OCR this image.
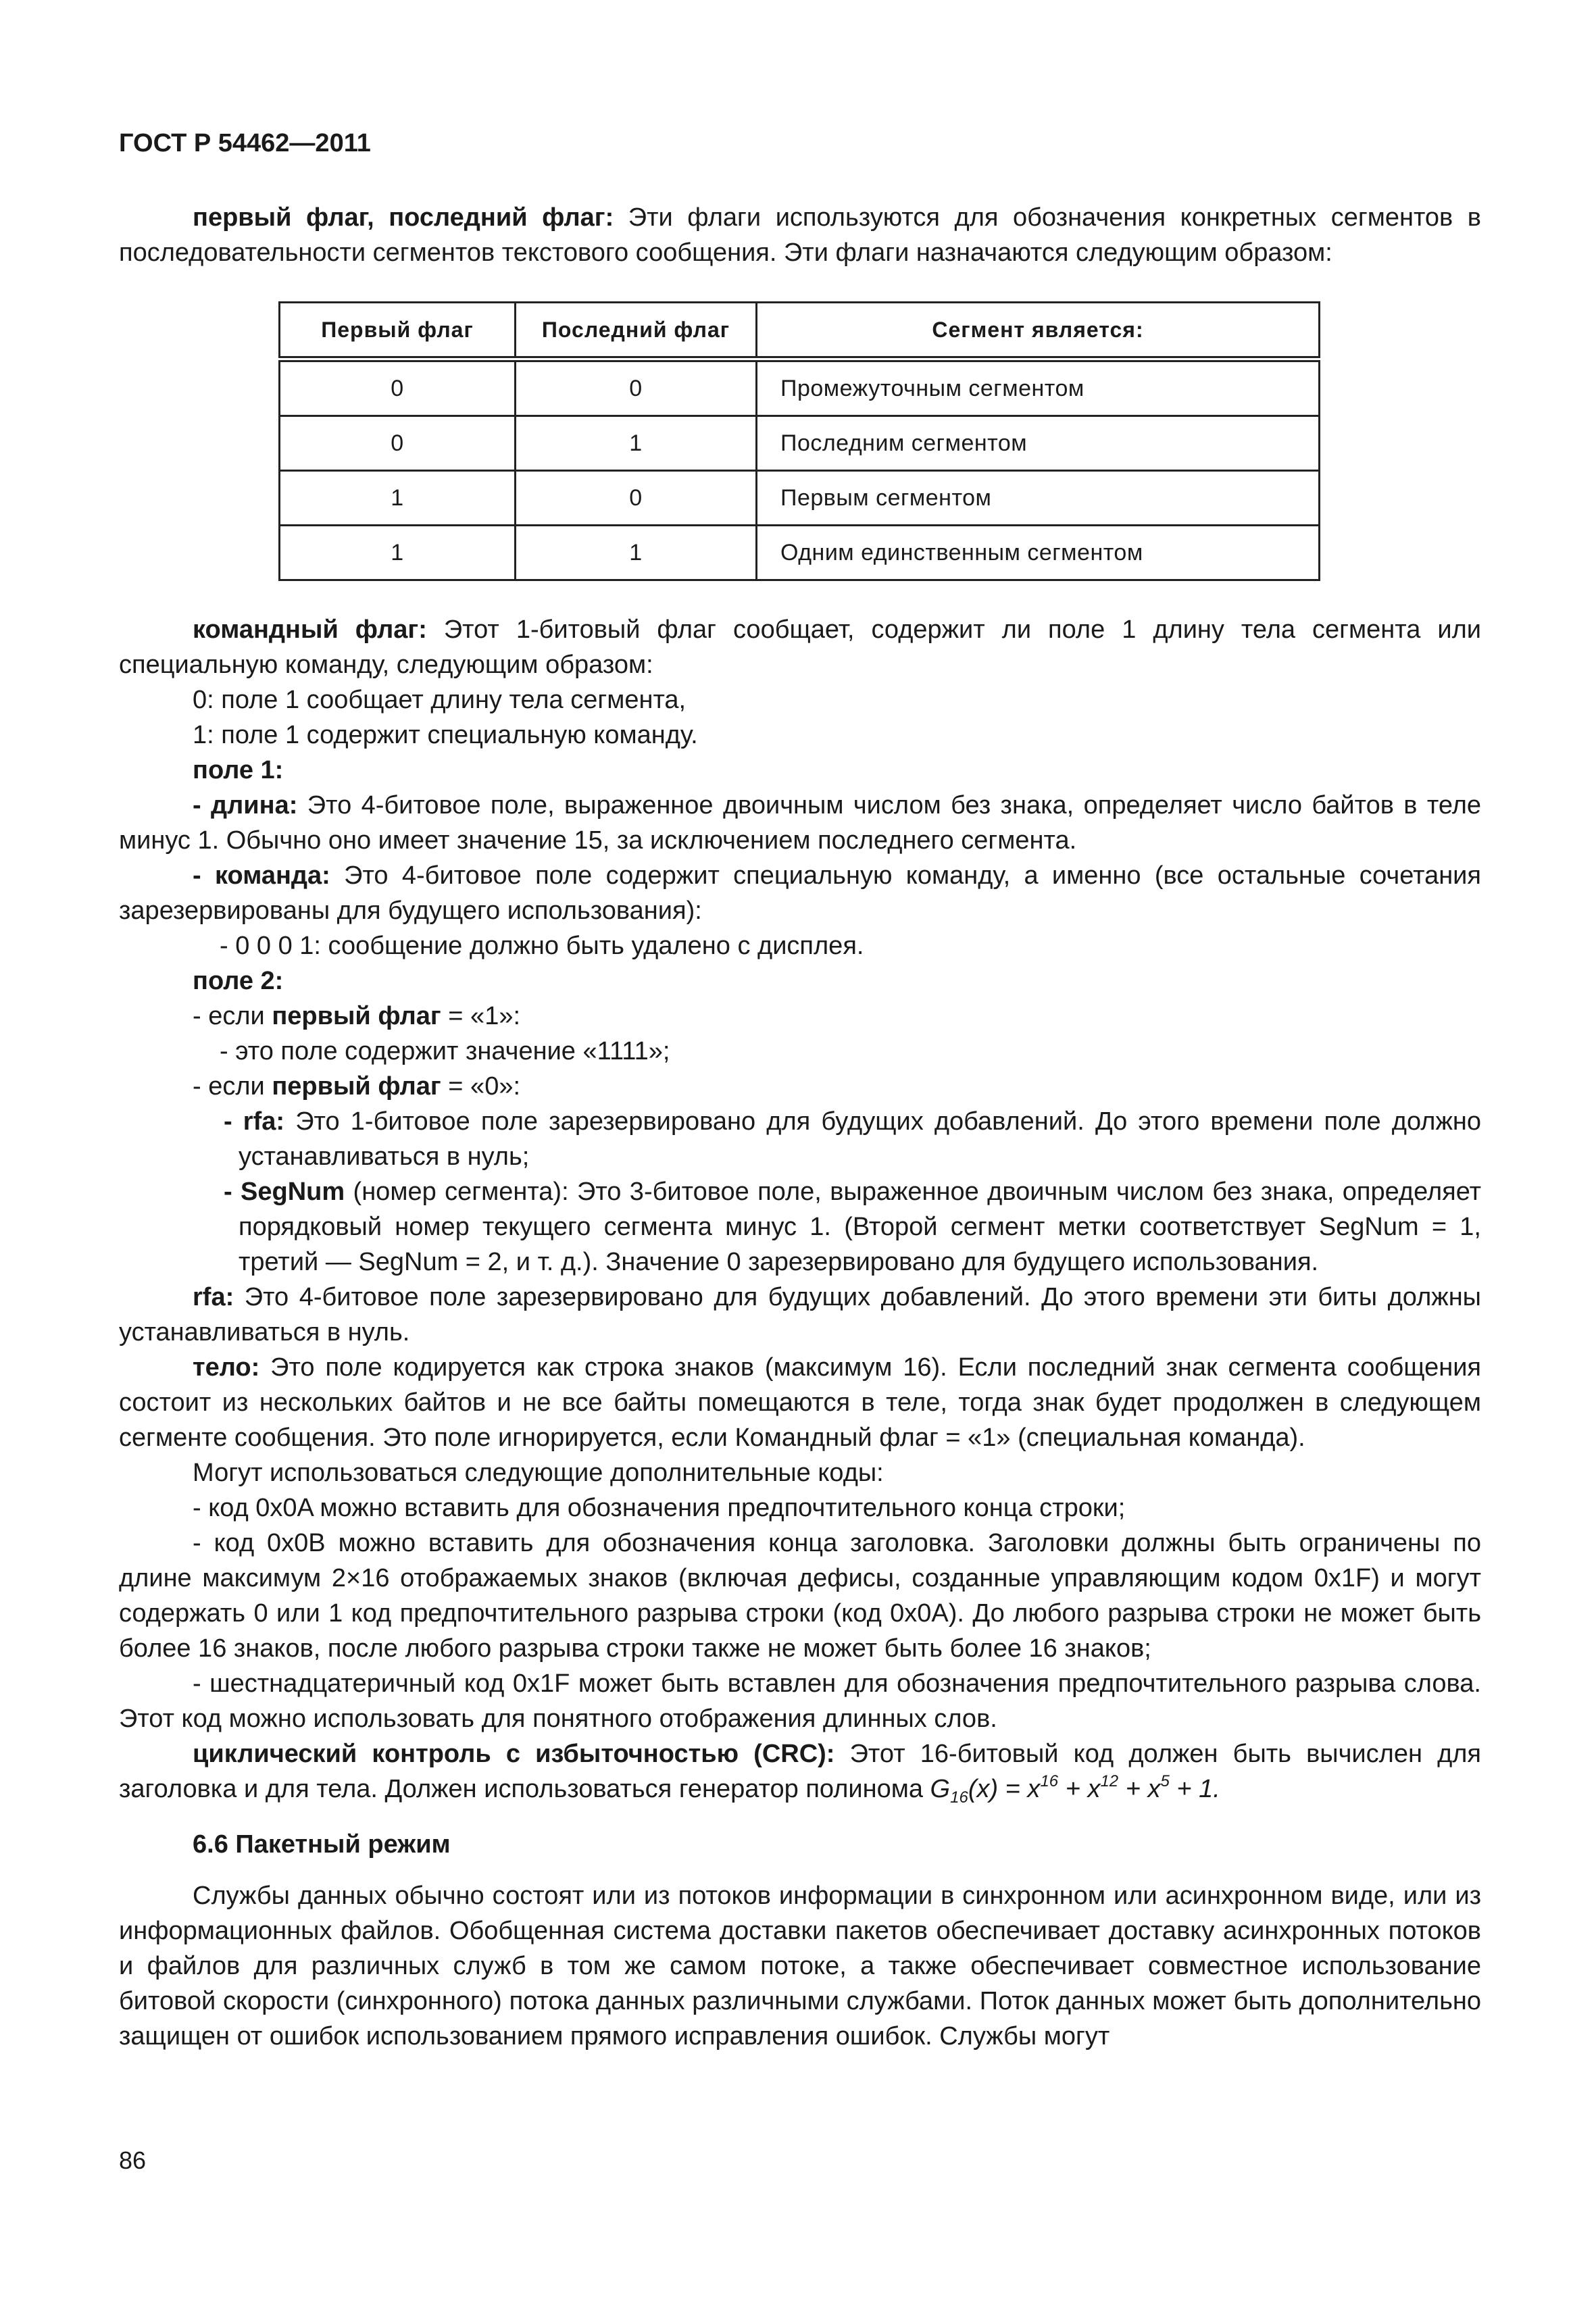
ГОСТ Р 54462—2011

первый флаг, последний флаг: Эти флаги используются для обозначения конкретных сегментов в последовательности сегментов текстового сообщения. Эти флаги назначаются следующим образом:

Первый флаг	Последний флаг	Сегмент является:
0	0	Промежуточным сегментом
0	1	Последним сегментом
1	0	Первым сегментом
1	1	Одним единственным сегментом

командный флаг: Этот 1-битовый флаг сообщает, содержит ли поле 1 длину тела сегмента или специальную команду, следующим образом:

0: поле 1 сообщает длину тела сегмента,

1: поле 1 содержит специальную команду.

поле 1:

- длина: Это 4-битовое поле, выраженное двоичным числом без знака, определяет число байтов в теле минус 1. Обычно оно имеет значение 15, за исключением последнего сегмента.

- команда: Это 4-битовое поле содержит специальную команду, а именно (все остальные сочетания зарезервированы для будущего использования):

- 0 0 0 1: сообщение должно быть удалено с дисплея.

поле 2:

- если первый флаг = «1»:

- это поле содержит значение «1111»;

- если первый флаг = «0»:

- rfa: Это 1-битовое поле зарезервировано для будущих добавлений. До этого времени поле должно устанавливаться в нуль;

- SegNum (номер сегмента): Это 3-битовое поле, выраженное двоичным числом без знака, определяет порядковый номер текущего сегмента минус 1. (Второй сегмент метки соответствует SegNum = 1, третий — SegNum = 2, и т. д.). Значение 0 зарезервировано для будущего использования.

rfa: Это 4-битовое поле зарезервировано для будущих добавлений. До этого времени эти биты должны устанавливаться в нуль.

тело: Это поле кодируется как строка знаков (максимум 16). Если последний знак сегмента сообщения состоит из нескольких байтов и не все байты помещаются в теле, тогда знак будет продолжен в следующем сегменте сообщения. Это поле игнорируется, если Командный флаг = «1» (специальная команда).

Могут использоваться следующие дополнительные коды:

- код 0x0A можно вставить для обозначения предпочтительного конца строки;

- код 0x0B можно вставить для обозначения конца заголовка. Заголовки должны быть ограничены по длине максимум 2×16 отображаемых знаков (включая дефисы, созданные управляющим кодом 0x1F) и могут содержать 0 или 1 код предпочтительного разрыва строки (код 0x0A). До любого разрыва строки не может быть более 16 знаков, после любого разрыва строки также не может быть более 16 знаков;

- шестнадцатеричный код 0x1F может быть вставлен для обозначения предпочтительного разрыва слова. Этот код можно использовать для понятного отображения длинных слов.

циклический контроль с избыточностью (CRC): Этот 16-битовый код должен быть вычислен для заголовка и для тела. Должен использоваться генератор полинома $G_{16}(x) = x^{16} + x^{12} + x^5 + 1$.

6.6 Пакетный режим

Службы данных обычно состоят или из потоков информации в синхронном или асинхронном виде, или из информационных файлов. Обобщенная система доставки пакетов обеспечивает доставку асинхронных потоков и файлов для различных служб в том же самом потоке, а также обеспечивает совместное использование битовой скорости (синхронного) потока данных различными службами. Поток данных может быть дополнительно защищен от ошибок использованием прямого исправления ошибок. Службы могут

86
